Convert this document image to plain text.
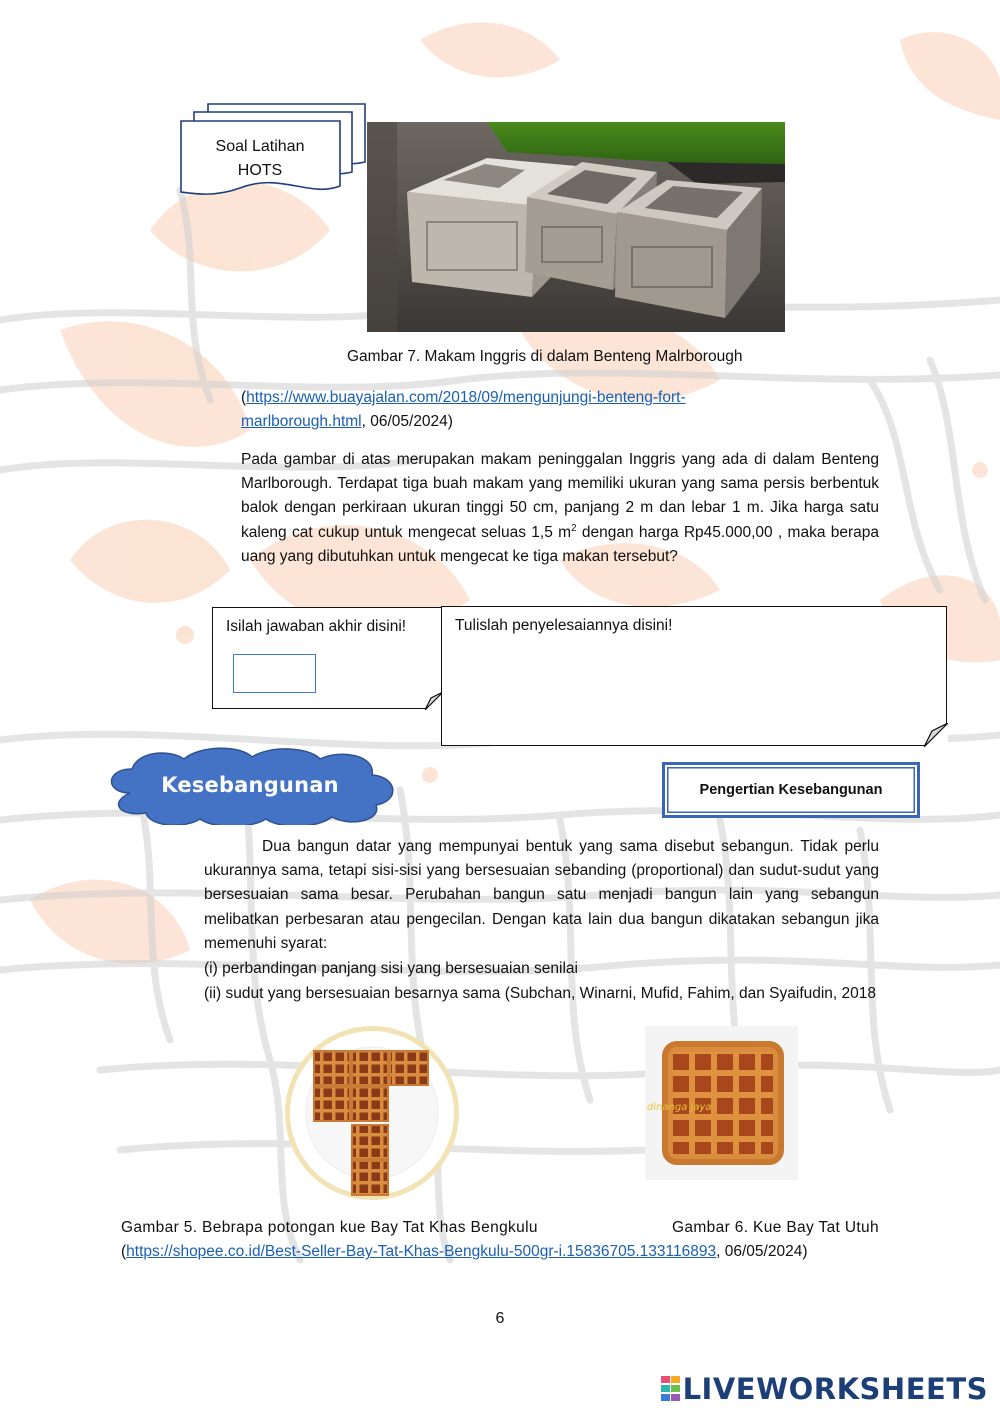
Soal Latihan
HOTS
Gambar 7. Makam Inggris di dalam Benteng Malrborough
(https://www.buayajalan.com/2018/09/mengunjungi-benteng-fort-
marlborough.html, 06/05/2024)
Pada gambar di atas merupakan makam peninggalan Inggris yang ada di dalam Benteng Marlborough. Terdapat tiga buah makam yang memiliki ukuran yang sama persis berbentuk balok dengan perkiraan ukuran tinggi 50 cm, panjang 2 m dan lebar 1 m. Jika harga satu kaleng cat cukup untuk mengecat seluas 1,5 $m^2$ dengan harga Rp45.000,00 , maka berapa uang yang dibutuhkan untuk mengecat ke tiga makan tersebut?
Isilah jawaban akhir disini!	Tulislah penyelesaiannya disini!
Kesebangunan	Pengertian Kesebangunan
Dua bangun datar yang mempunyai bentuk yang sama disebut sebangun. Tidak perlu ukurannya sama, tetapi sisi-sisi yang bersesuaian sebanding (proportional) dan sudut-sudut yang bersesuaian sama besar. Perubahan bangun satu menjadi bangun lain yang sebangun melibatkan perbesaran atau pengecilan. Dengan kata lain dua bangun dikatakan sebangun jika memenuhi syarat:
(i) perbandingan panjang sisi yang bersesuaian senilai
(ii) sudut yang bersesuaian besarnya sama (Subchan, Winarni, Mufid, Fahim, dan Syaifudin, 2018
dinanga jaya
Gambar 5. Bebrapa potongan kue Bay Tat Khas Bengkulu	Gambar 6. Kue Bay Tat Utuh
(https://shopee.co.id/Best-Seller-Bay-Tat-Khas-Bengkulu-500gr-i.15836705.133116893, 06/05/2024)
6
LIVEWORKSHEETS
